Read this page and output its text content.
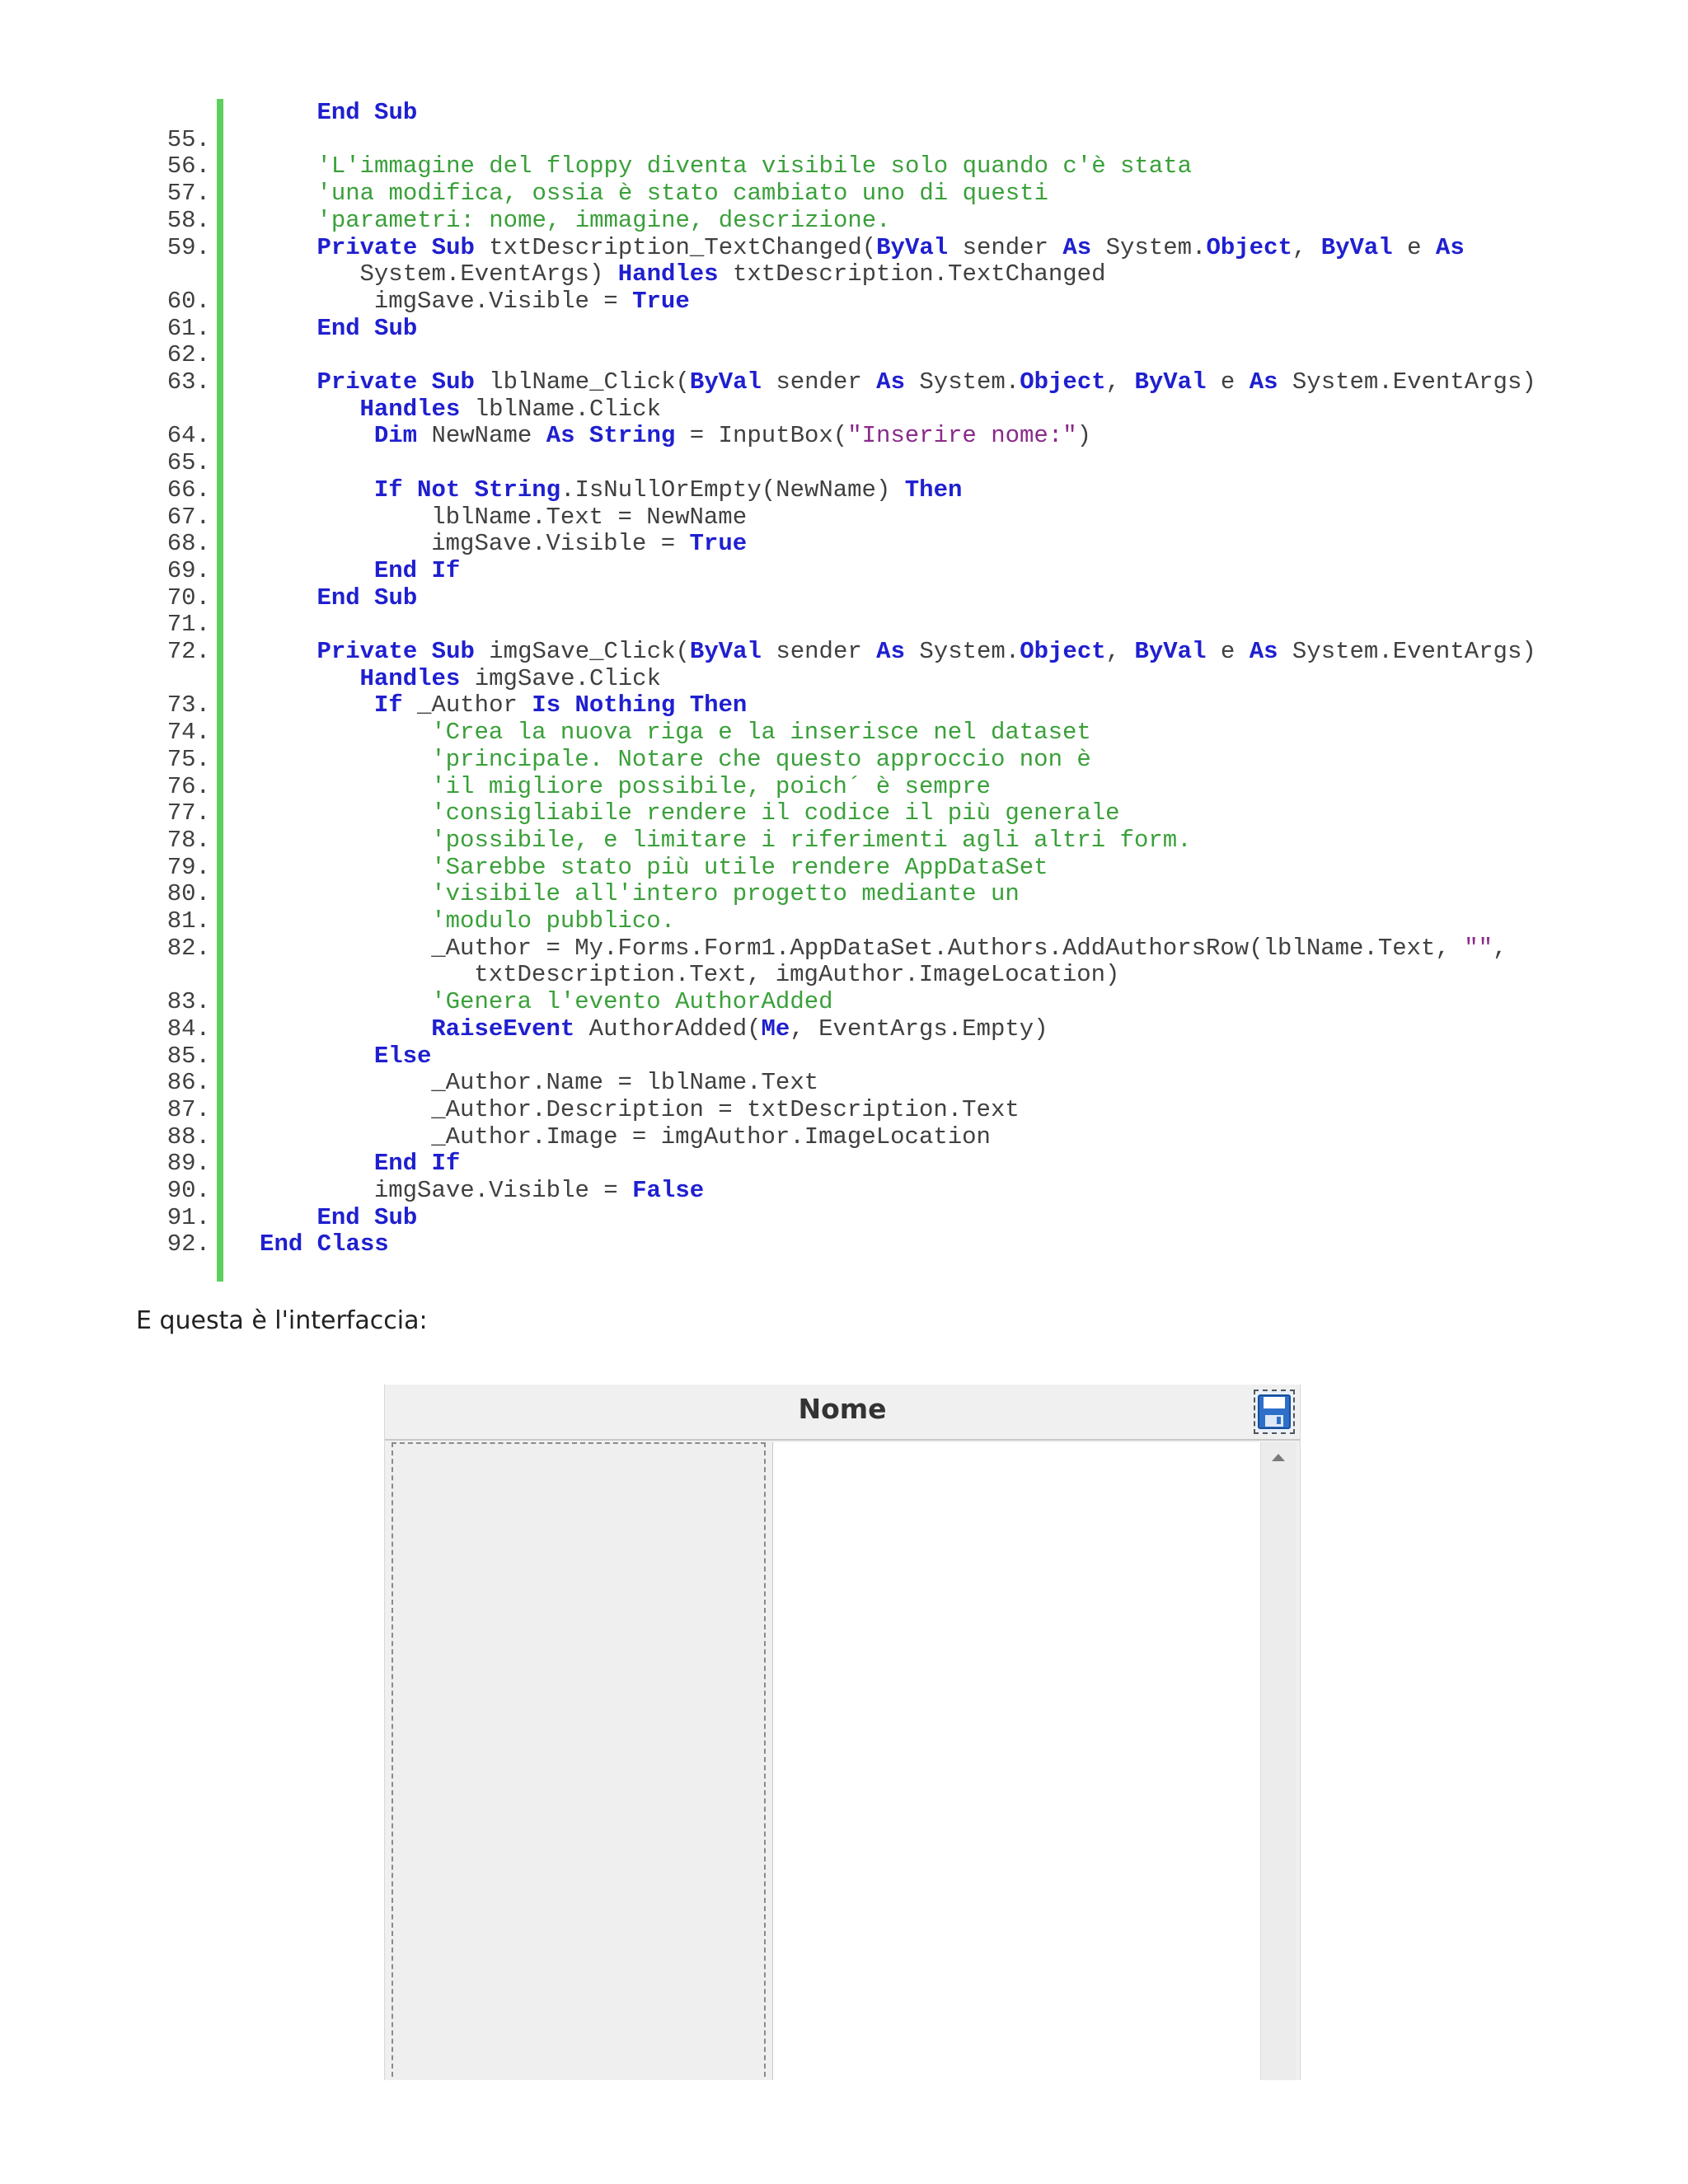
End Sub
55.
56.	'L'immagine del floppy diventa visibile solo quando c'è stata
57.	'una modifica, ossia è stato cambiato uno di questi
58.	'parametri: nome, immagine, descrizione.
59.	Private Sub txtDescription_TextChanged(ByVal sender As System.Object, ByVal e As
System.EventArgs) Handles txtDescription.TextChanged
60.	imgSave.Visible = True
61.	End Sub
62.
63.	Private Sub lblName_Click(ByVal sender As System.Object, ByVal e As System.EventArgs)
Handles lblName.Click
64.	Dim NewName As String = InputBox("Inserire nome:")
65.
66.	If Not String.IsNullOrEmpty(NewName) Then
67.	lblName.Text = NewName
68.	imgSave.Visible = True
69.	End If
70.	End Sub
71.
72.	Private Sub imgSave_Click(ByVal sender As System.Object, ByVal e As System.EventArgs)
Handles imgSave.Click
73.	If _Author Is Nothing Then
74.	'Crea la nuova riga e la inserisce nel dataset
75.	'principale. Notare che questo approccio non è
76.	'il migliore possibile, poich´ è sempre
77.	'consigliabile rendere il codice il più generale
78.	'possibile, e limitare i riferimenti agli altri form.
79.	'Sarebbe stato più utile rendere AppDataSet
80.	'visibile all'intero progetto mediante un
81.	'modulo pubblico.
82.	_Author = My.Forms.Form1.AppDataSet.Authors.AddAuthorsRow(lblName.Text, "",
txtDescription.Text, imgAuthor.ImageLocation)
83.	'Genera l'evento AuthorAdded
84.	RaiseEvent AuthorAdded(Me, EventArgs.Empty)
85.	Else
86.	_Author.Name = lblName.Text
87.	_Author.Description = txtDescription.Text
88.	_Author.Image = imgAuthor.ImageLocation
89.	End If
90.	imgSave.Visible = False
91.	End Sub
92. End Class
E questa è l'interfaccia:
Nome
